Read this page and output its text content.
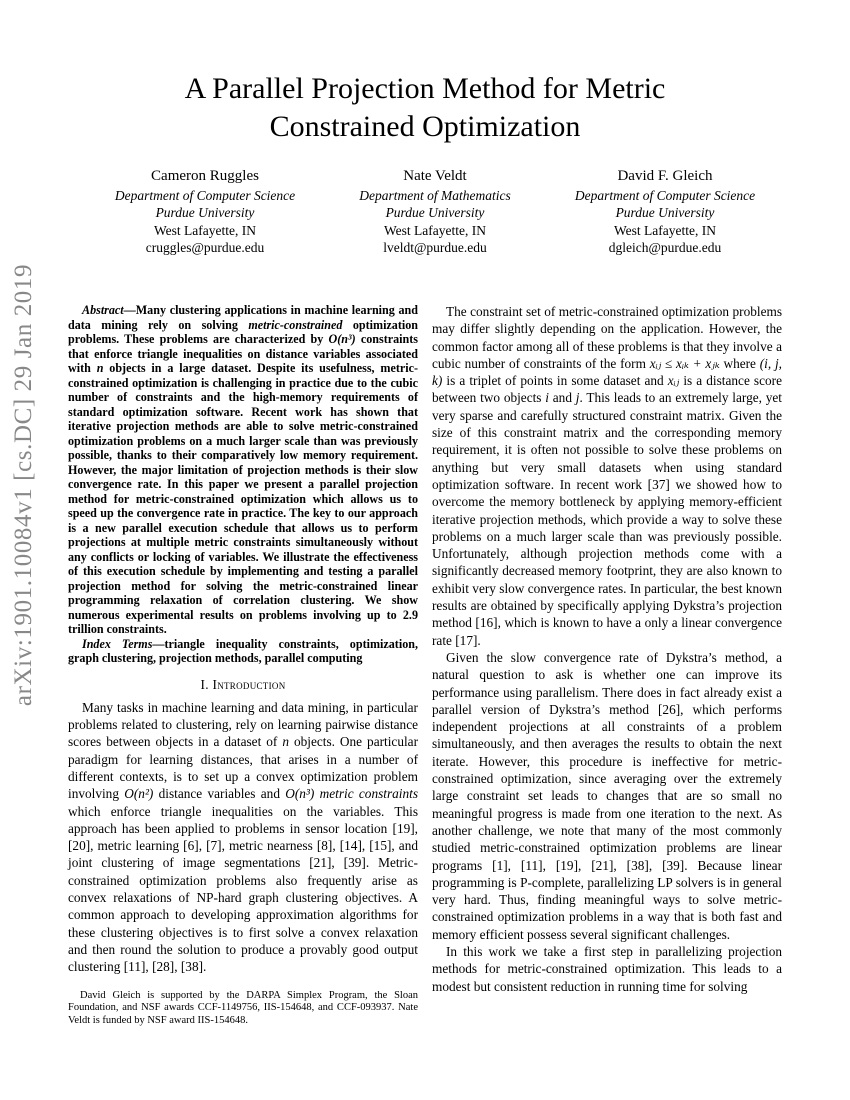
arXiv:1901.10084v1 [cs.DC] 29 Jan 2019
A Parallel Projection Method for Metric
Constrained Optimization
Cameron Ruggles
Department of Computer Science
Purdue University
West Lafayette, IN
cruggles@purdue.edu
Nate Veldt
Department of Mathematics
Purdue University
West Lafayette, IN
lveldt@purdue.edu
David F. Gleich
Department of Computer Science
Purdue University
West Lafayette, IN
dgleich@purdue.edu

Abstract—Many clustering applications in machine learning and data mining rely on solving metric-constrained optimization problems. These problems are characterized by O(n³) constraints that enforce triangle inequalities on distance variables associated with n objects in a large dataset. Despite its usefulness, metric-constrained optimization is challenging in practice due to the cubic number of constraints and the high-memory requirements of standard optimization software. Recent work has shown that iterative projection methods are able to solve metric-constrained optimization problems on a much larger scale than was previously possible, thanks to their comparatively low memory requirement. However, the major limitation of projection methods is their slow convergence rate. In this paper we present a parallel projection method for metric-constrained optimization which allows us to speed up the convergence rate in practice. The key to our approach is a new parallel execution schedule that allows us to perform projections at multiple metric constraints simultaneously without any conflicts or locking of variables. We illustrate the effectiveness of this execution schedule by implementing and testing a parallel projection method for solving the metric-constrained linear programming relaxation of correlation clustering. We show numerous experimental results on problems involving up to 2.9 trillion constraints.

Index Terms—triangle inequality constraints, optimization, graph clustering, projection methods, parallel computing

I. Introduction

Many tasks in machine learning and data mining, in particular problems related to clustering, rely on learning pairwise distance scores between objects in a dataset of n objects. One particular paradigm for learning distances, that arises in a number of different contexts, is to set up a convex optimization problem involving O(n²) distance variables and O(n³) metric constraints which enforce triangle inequalities on the variables. This approach has been applied to problems in sensor location [19], [20], metric learning [6], [7], metric nearness [8], [14], [15], and joint clustering of image segmentations [21], [39]. Metric-constrained optimization problems also frequently arise as convex relaxations of NP-hard graph clustering objectives. A common approach to developing approximation algorithms for these clustering objectives is to first solve a convex relaxation and then round the solution to produce a provably good output clustering [11], [28], [38].

David Gleich is supported by the DARPA Simplex Program, the Sloan Foundation, and NSF awards CCF-1149756, IIS-154648, and CCF-093937. Nate Veldt is funded by NSF award IIS-154648.

The constraint set of metric-constrained optimization problems may differ slightly depending on the application. However, the common factor among all of these problems is that they involve a cubic number of constraints of the form xᵢⱼ ≤ xᵢₖ + xⱼₖ where (i, j, k) is a triplet of points in some dataset and xᵢⱼ is a distance score between two objects i and j. This leads to an extremely large, yet very sparse and carefully structured constraint matrix. Given the size of this constraint matrix and the corresponding memory requirement, it is often not possible to solve these problems on anything but very small datasets when using standard optimization software. In recent work [37] we showed how to overcome the memory bottleneck by applying memory-efficient iterative projection methods, which provide a way to solve these problems on a much larger scale than was previously possible. Unfortunately, although projection methods come with a significantly decreased memory footprint, they are also known to exhibit very slow convergence rates. In particular, the best known results are obtained by specifically applying Dykstra’s projection method [16], which is known to have a only a linear convergence rate [17].

Given the slow convergence rate of Dykstra’s method, a natural question to ask is whether one can improve its performance using parallelism. There does in fact already exist a parallel version of Dykstra’s method [26], which performs independent projections at all constraints of a problem simultaneously, and then averages the results to obtain the next iterate. However, this procedure is ineffective for metric-constrained optimization, since averaging over the extremely large constraint set leads to changes that are so small no meaningful progress is made from one iteration to the next. As another challenge, we note that many of the most commonly studied metric-constrained optimization problems are linear programs [1], [11], [19], [21], [38], [39]. Because linear programming is P-complete, parallelizing LP solvers is in general very hard. Thus, finding meaningful ways to solve metric-constrained optimization problems in a way that is both fast and memory efficient possess several significant challenges.

In this work we take a first step in parallelizing projection methods for metric-constrained optimization. This leads to a modest but consistent reduction in running time for solving
